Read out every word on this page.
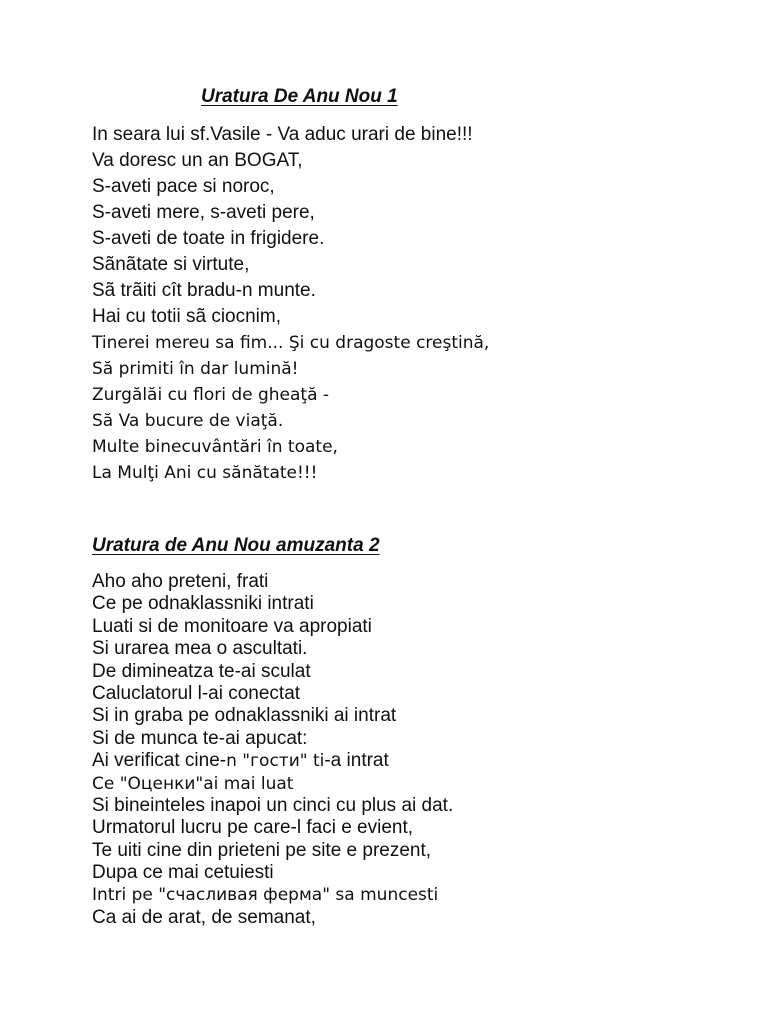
Uratura De Anu Nou 1
In seara lui sf.Vasile - Va aduc urari de bine!!!
Va doresc un an BOGAT,
S-aveti pace si noroc,
S-aveti mere, s-aveti pere,
S-aveti de toate in frigidere.
Sãnãtate si virtute,
Sã trãiti cît bradu-n munte.
Hai cu totii sã ciocnim,
Tinerei mereu sa fim... Şi cu dragoste creştină,
Să primiti în dar lumină!
Zurgălăi cu flori de gheaţă -
Să Va bucure de viaţă.
Multe binecuvântări în toate,
La Mulţi Ani cu sănătate!!!
Uratura de Anu Nou amuzanta 2
Aho aho preteni, frati
Ce pe odnaklassniki intrati
Luati si de monitoare va apropiati
Si urarea mea o ascultati.
De dimineatza te-ai sculat
Caluclatorul l-ai conectat
Si in graba pe odnaklassniki ai intrat
Si de munca te-ai apucat:
Ai verificat cine-n "гости" ti-a intrat
Ce "Оценки"ai mai luat
Si bineinteles inapoi un cinci cu plus ai dat.
Urmatorul lucru pe care-l faci e evient,
Te uiti cine din prieteni pe site e prezent,
Dupa ce mai cetuiesti
Intri pe "счасливая ферма" sa muncesti
Ca ai de arat, de semanat,
